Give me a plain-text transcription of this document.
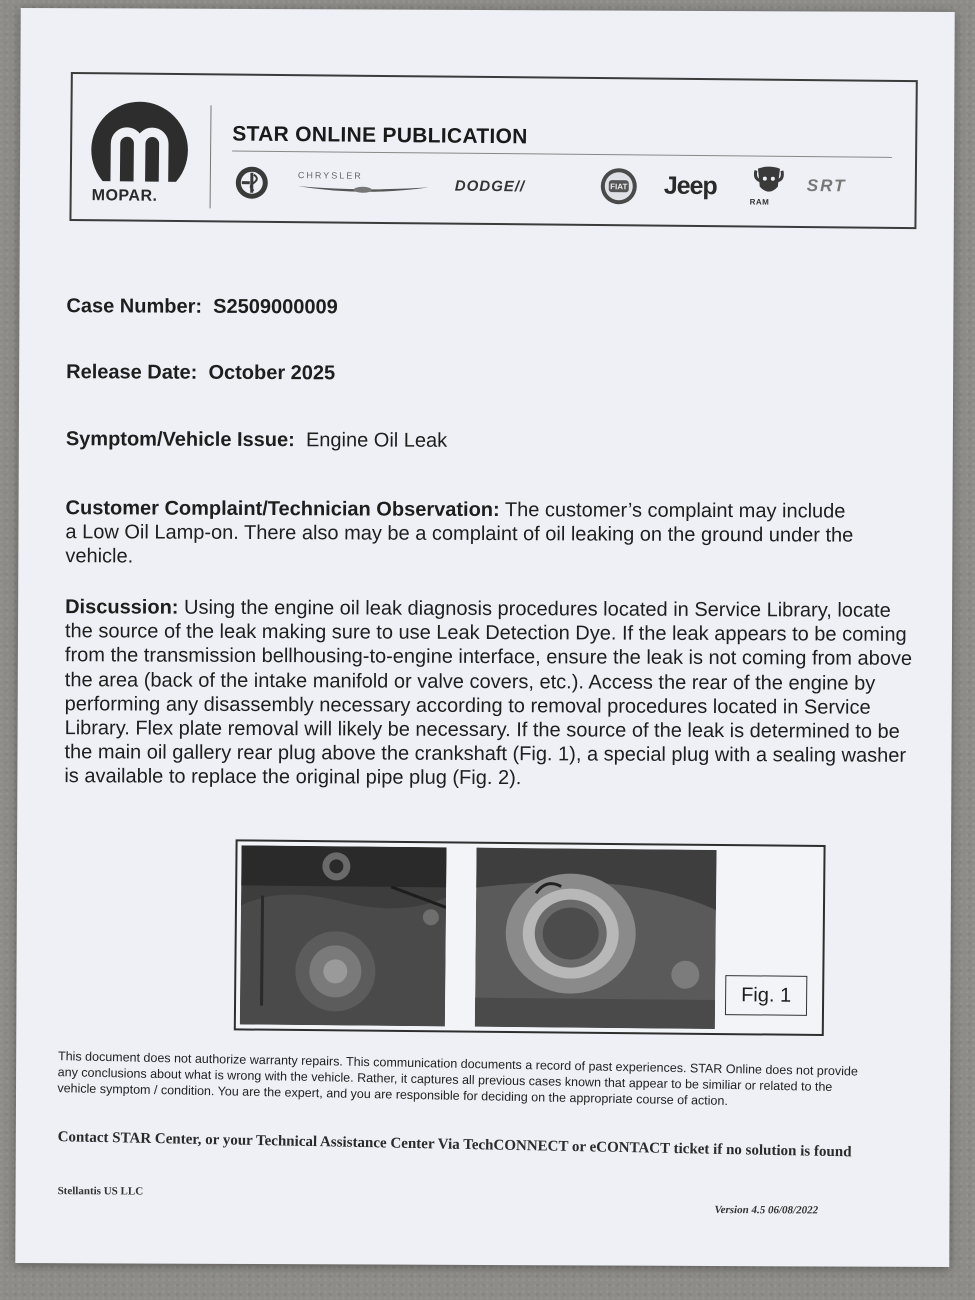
MOPAR.
STAR ONLINE PUBLICATION
CHRYSLER
DODGE//	FIAT	Jeep
RAM
SRT
Case Number: S2509000009
Release Date: October 2025
Symptom/Vehicle Issue: Engine Oil Leak
Customer Complaint/Technician Observation: The customer’s complaint may include a Low Oil Lamp-on. There also may be a complaint of oil leaking on the ground under the vehicle.
Discussion: Using the engine oil leak diagnosis procedures located in Service Library, locate the source of the leak making sure to use Leak Detection Dye. If the leak appears to be coming from the transmission bellhousing-to-engine interface, ensure the leak is not coming from above the area (back of the intake manifold or valve covers, etc.). Access the rear of the engine by performing any disassembly necessary according to removal procedures located in Service Library. Flex plate removal will likely be necessary. If the source of the leak is determined to be the main oil gallery rear plug above the crankshaft (Fig. 1), a special plug with a sealing washer is available to replace the original pipe plug (Fig. 2).
Fig. 1
This document does not authorize warranty repairs. This communication documents a record of past experiences. STAR Online does not provide any conclusions about what is wrong with the vehicle. Rather, it captures all previous cases known that appear to be similiar or related to the vehicle symptom / condition. You are the expert, and you are responsible for deciding on the appropriate course of action.
Contact STAR Center, or your Technical Assistance Center Via TechCONNECT or eCONTACT ticket if no solution is found
Stellantis US LLC
Version 4.5 06/08/2022
